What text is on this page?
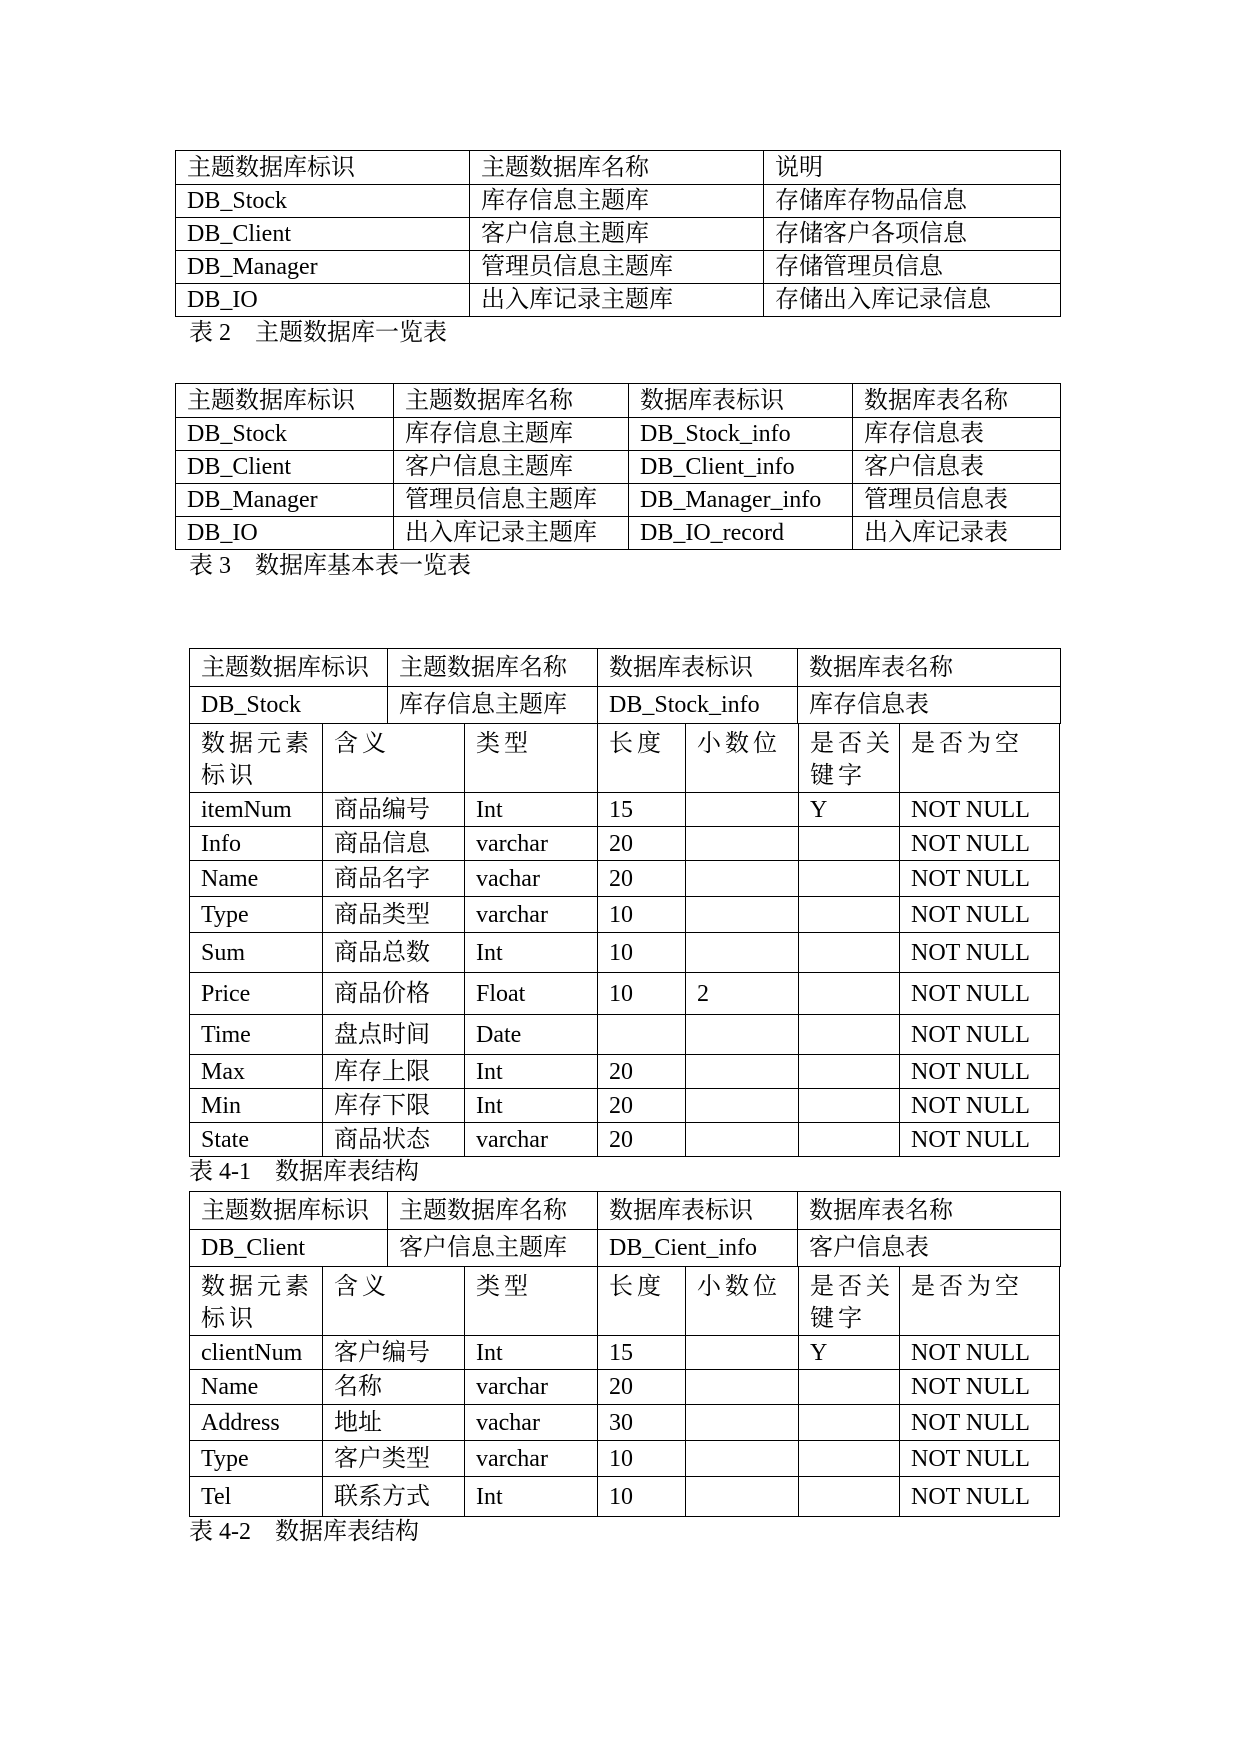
主题数据库标识	主题数据库名称	说明
DB_Stock	库存信息主题库	存储库存物品信息
DB_Client	客户信息主题库	存储客户各项信息
DB_Manager	管理员信息主题库	存储管理员信息
DB_IO	出入库记录主题库	存储出入库记录信息
表 2    主题数据库一览表
主题数据库标识	主题数据库名称	数据库表标识	数据库表名称
DB_Stock	库存信息主题库	DB_Stock_info	库存信息表
DB_Client	客户信息主题库	DB_Client_info	客户信息表
DB_Manager	管理员信息主题库	DB_Manager_info	管理员信息表
DB_IO	出入库记录主题库	DB_IO_record	出入库记录表
表 3    数据库基本表一览表
主题数据库标识	主题数据库名称	数据库表标识	数据库表名称
DB_Stock	库存信息主题库	DB_Stock_info	库存信息表
数据元素标识	含义	类型	长度	小数位	是否关键字	是否为空
itemNum	商品编号	Int	15		Y	NOT NULL
Info	商品信息	varchar	20			NOT NULL
Name	商品名字	vachar	20			NOT NULL
Type	商品类型	varchar	10			NOT NULL
Sum	商品总数	Int	10			NOT NULL
Price	商品价格	Float	10	2		NOT NULL
Time	盘点时间	Date				NOT NULL
Max	库存上限	Int	20			NOT NULL
Min	库存下限	Int	20			NOT NULL
State	商品状态	varchar	20			NOT NULL
表 4-1    数据库表结构
主题数据库标识	主题数据库名称	数据库表标识	数据库表名称
DB_Client	客户信息主题库	DB_Cient_info	客户信息表
数据元素标识	含义	类型	长度	小数位	是否关键字	是否为空
clientNum	客户编号	Int	15		Y	NOT NULL
Name	名称	varchar	20			NOT NULL
Address	地址	vachar	30			NOT NULL
Type	客户类型	varchar	10			NOT NULL
Tel	联系方式	Int	10			NOT NULL
表 4-2    数据库表结构
